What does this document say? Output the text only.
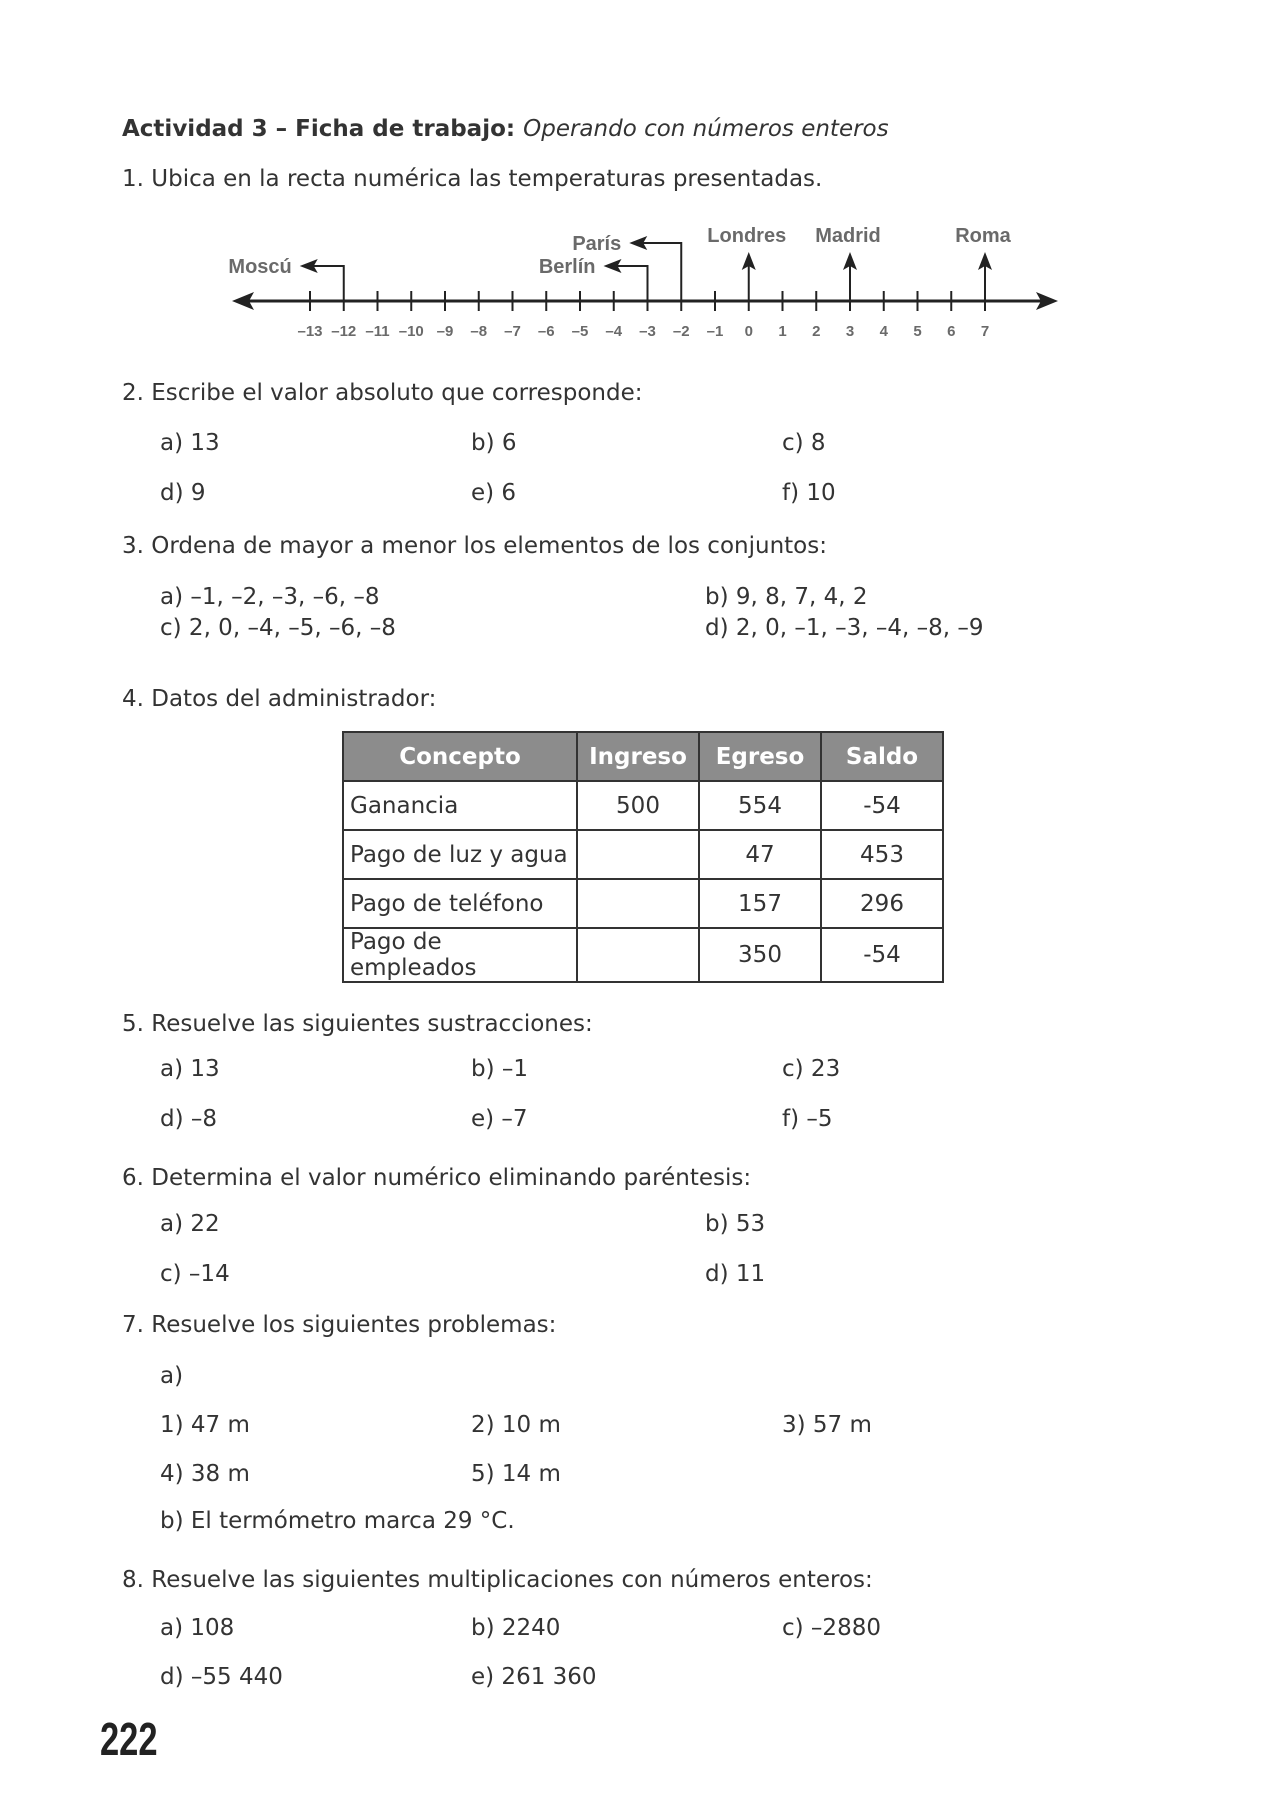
Actividad 3 – Ficha de trabajo: Operando con números enteros
1. Ubica en la recta numérica las temperaturas presentadas.
–13 –12 –11 –10 –9 –8 –7 –6 –5 –4 –3 –2 –1 0 1 2 3 4 5 6 7
Moscú	Berlín
París	Londres Madrid	Roma
2. Escribe el valor absoluto que corresponde:
a) 13	b) 6	c) 8
d) 9	e) 6	f) 10
3. Ordena de mayor a menor los elementos de los conjuntos:
a) –1, –2, –3, –6, –8	b) 9, 8, 7, 4, 2
c) 2, 0, –4, –5, –6, –8	d) 2, 0, –1, –3, –4, –8, –9
4. Datos del administrador:
Concepto	Ingreso	Egreso	Saldo
Ganancia	500	554	-54
Pago de luz y agua		47	453
Pago de teléfono		157	296
Pago de empleados		350	-54
5. Resuelve las siguientes sustracciones:
a) 13	b) –1	c) 23
d) –8	e) –7	f) –5
6. Determina el valor numérico eliminando paréntesis:
a) 22	b) 53
c) –14	d) 11
7. Resuelve los siguientes problemas:
a)
1) 47 m	2) 10 m	3) 57 m
4) 38 m	5) 14 m
b) El termómetro marca 29 °C.
8. Resuelve las siguientes multiplicaciones con números enteros:
a) 108	b) 2240	c) –2880
d) –55 440	e) 261 360
222
